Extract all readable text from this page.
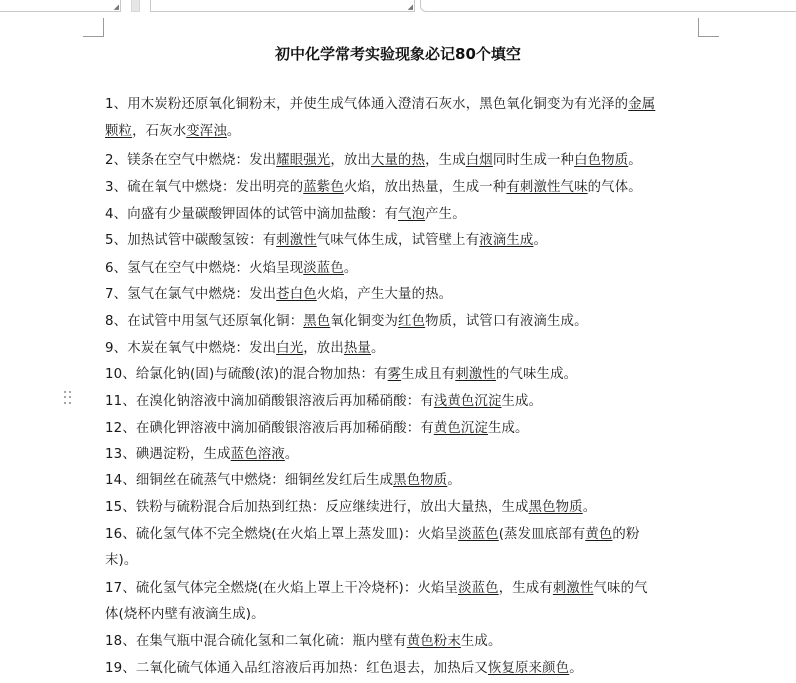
◢	◢
初中化学常考实验现象必记80个填空
1、用木炭粉还原氧化铜粉末，并使生成气体通入澄清石灰水，黑色氧化铜变为有光泽的金属
颗粒，石灰水变浑浊。
2、镁条在空气中燃烧：发出耀眼强光，放出大量的热，生成白烟同时生成一种白色物质。
3、硫在氧气中燃烧：发出明亮的蓝紫色火焰，放出热量，生成一种有刺激性气味的气体。
4、向盛有少量碳酸钾固体的试管中滴加盐酸：有气泡产生。
5、加热试管中碳酸氢铵：有刺激性气味气体生成，试管壁上有液滴生成。
6、氢气在空气中燃烧：火焰呈现淡蓝色。
7、氢气在氯气中燃烧：发出苍白色火焰，产生大量的热。
8、在试管中用氢气还原氧化铜：黑色氧化铜变为红色物质，试管口有液滴生成。
9、木炭在氧气中燃烧：发出白光，放出热量。
10、给氯化钠(固)与硫酸(浓)的混合物加热：有雾生成且有刺激性的气味生成。
11、在溴化钠溶液中滴加硝酸银溶液后再加稀硝酸：有浅黄色沉淀生成。
12、在碘化钾溶液中滴加硝酸银溶液后再加稀硝酸：有黄色沉淀生成。
13、碘遇淀粉，生成蓝色溶液。
14、细铜丝在硫蒸气中燃烧：细铜丝发红后生成黑色物质。
15、铁粉与硫粉混合后加热到红热：反应继续进行，放出大量热，生成黑色物质。
16、硫化氢气体不完全燃烧(在火焰上罩上蒸发皿)：火焰呈淡蓝色(蒸发皿底部有黄色的粉
末)。
17、硫化氢气体完全燃烧(在火焰上罩上干冷烧杯)：火焰呈淡蓝色，生成有刺激性气味的气
体(烧杯内壁有液滴生成)。
18、在集气瓶中混合硫化氢和二氧化硫：瓶内壁有黄色粉末生成。
19、二氧化硫气体通入品红溶液后再加热：红色退去，加热后又恢复原来颜色。
